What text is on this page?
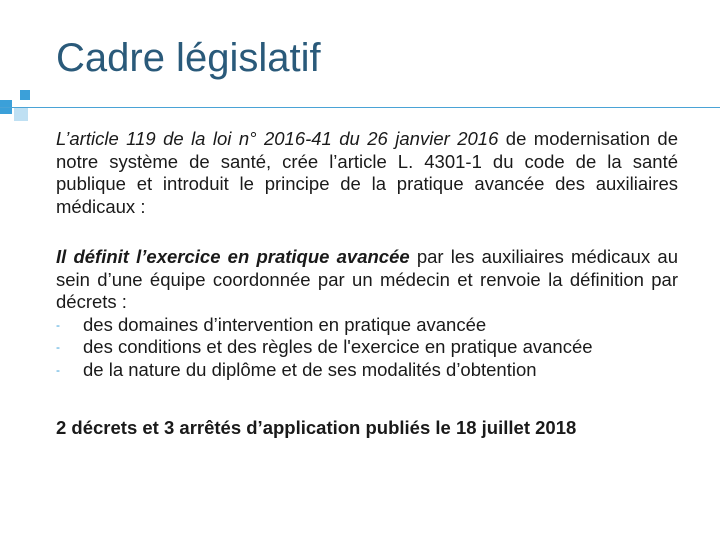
Cadre législatif

L’article 119 de la loi n° 2016-41 du 26 janvier 2016 de modernisation de notre système de santé, crée l’article L. 4301-1 du code de la santé publique et introduit le principe de la pratique avancée des auxiliaires médicaux :

Il définit l’exercice en pratique avancée par les auxiliaires médicaux au sein d’une équipe coordonnée par un médecin et renvoie la définition par décrets :

- des domaines d’intervention en pratique avancée
- des conditions et des règles de l'exercice en pratique avancée
- de la nature du diplôme et de ses modalités d’obtention

2 décrets et 3 arrêtés d’application publiés le 18 juillet 2018
